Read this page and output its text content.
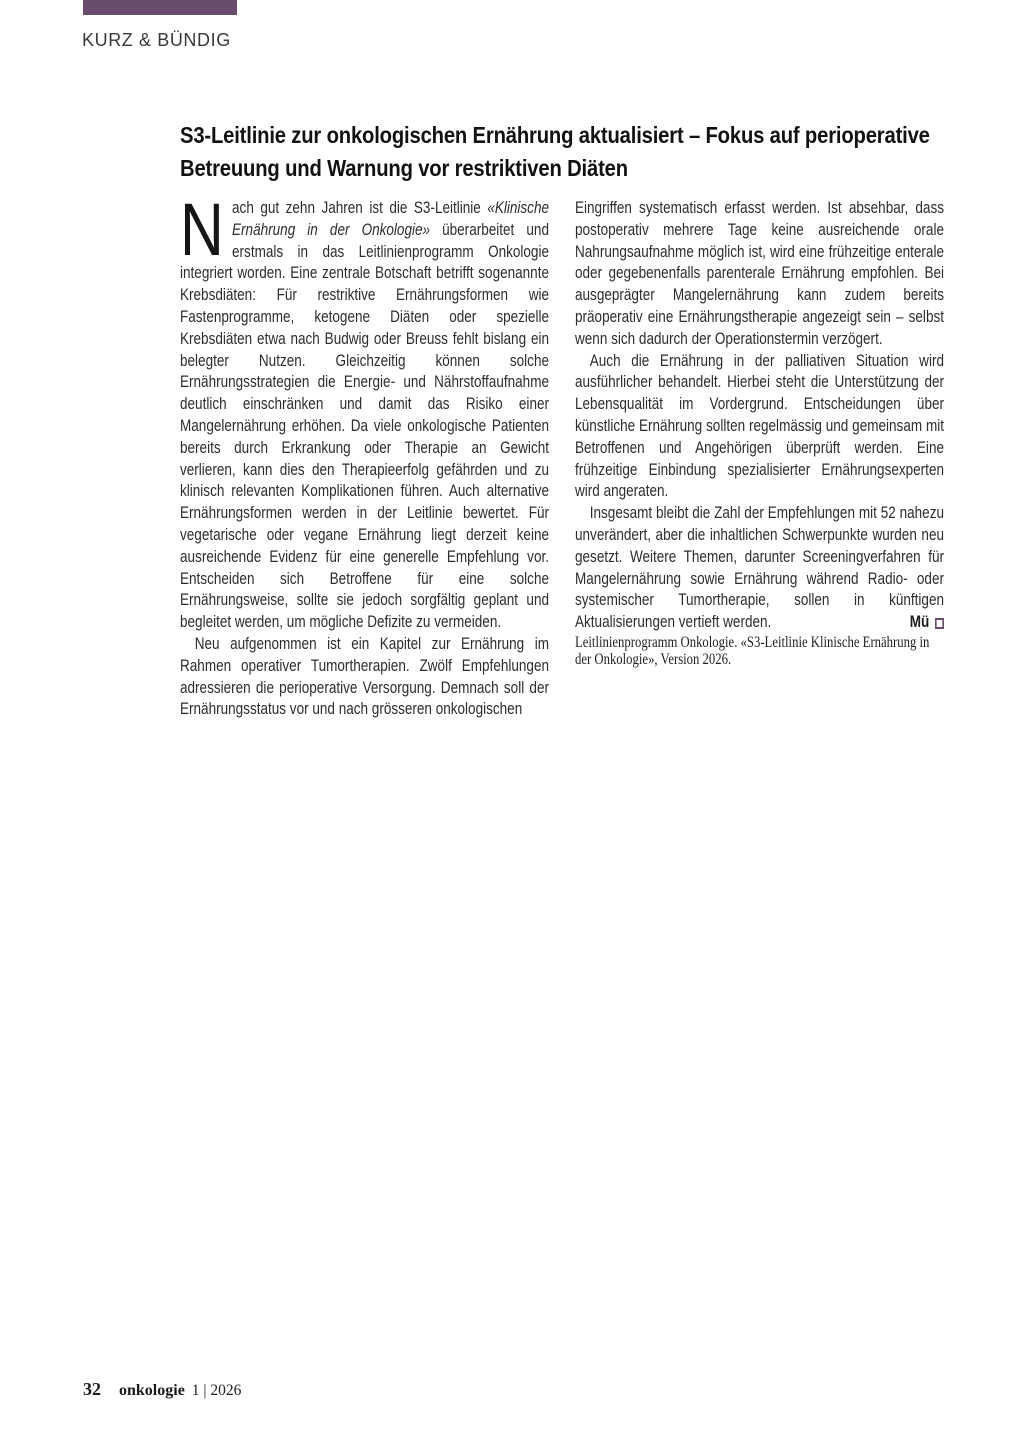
KURZ & BÜNDIG
S3-Leitlinie zur onkologischen Ernährung aktualisiert – Fokus auf perioperative Betreuung und Warnung vor restriktiven Diäten

Nach gut zehn Jahren ist die S3-Leitlinie «Klinische Ernährung in der Onkologie» überarbeitet und erstmals in das Leitlinienprogramm Onkologie integriert worden. Eine zentrale Botschaft betrifft sogenannte Krebsdiäten: Für restriktive Ernährungsformen wie Fastenprogramme, ketogene Diäten oder spezielle Krebsdiäten etwa nach Budwig oder Breuss fehlt bislang ein belegter Nutzen. Gleichzeitig können solche Ernährungsstrategien die Energie- und Nährstoffaufnahme deutlich einschränken und damit das Risiko einer Mangelernährung erhöhen. Da viele onkologische Patienten bereits durch Erkrankung oder Therapie an Gewicht verlieren, kann dies den Therapieerfolg gefährden und zu klinisch relevanten Komplikationen führen. Auch alternative Ernährungsformen werden in der Leitlinie bewertet. Für vegetarische oder vegane Ernährung liegt derzeit keine ausreichende Evidenz für eine generelle Empfehlung vor. Entscheiden sich Betroffene für eine solche Ernährungsweise, sollte sie jedoch sorgfältig geplant und begleitet werden, um mögliche Defizite zu vermeiden.

Neu aufgenommen ist ein Kapitel zur Ernährung im Rahmen operativer Tumortherapien. Zwölf Empfehlungen adressieren die perioperative Versorgung. Demnach soll der Ernährungsstatus vor und nach grösseren onkologischen

Eingriffen systematisch erfasst werden. Ist absehbar, dass postoperativ mehrere Tage keine ausreichende orale Nahrungsaufnahme möglich ist, wird eine frühzeitige enterale oder gegebenenfalls parenterale Ernährung empfohlen. Bei ausgeprägter Mangelernährung kann zudem bereits präoperativ eine Ernährungstherapie angezeigt sein – selbst wenn sich dadurch der Operationstermin verzögert.

Auch die Ernährung in der palliativen Situation wird ausführlicher behandelt. Hierbei steht die Unterstützung der Lebensqualität im Vordergrund. Entscheidungen über künstliche Ernährung sollten regelmässig und gemeinsam mit Betroffenen und Angehörigen überprüft werden. Eine frühzeitige Einbindung spezialisierter Ernährungsexperten wird angeraten.

Insgesamt bleibt die Zahl der Empfehlungen mit 52 nahezu unverändert, aber die inhaltlichen Schwerpunkte wurden neu gesetzt. Weitere Themen, darunter Screeningverfahren für Mangelernährung sowie Ernährung während Radio- oder systemischer Tumortherapie, sollen in künftigen Aktualisierungen vertieft werden.	Mü

Leitlinienprogramm Onkologie. «S3-Leitlinie Klinische Ernährung in der Onkologie», Version 2026.

32 onkologie 1 | 2026
